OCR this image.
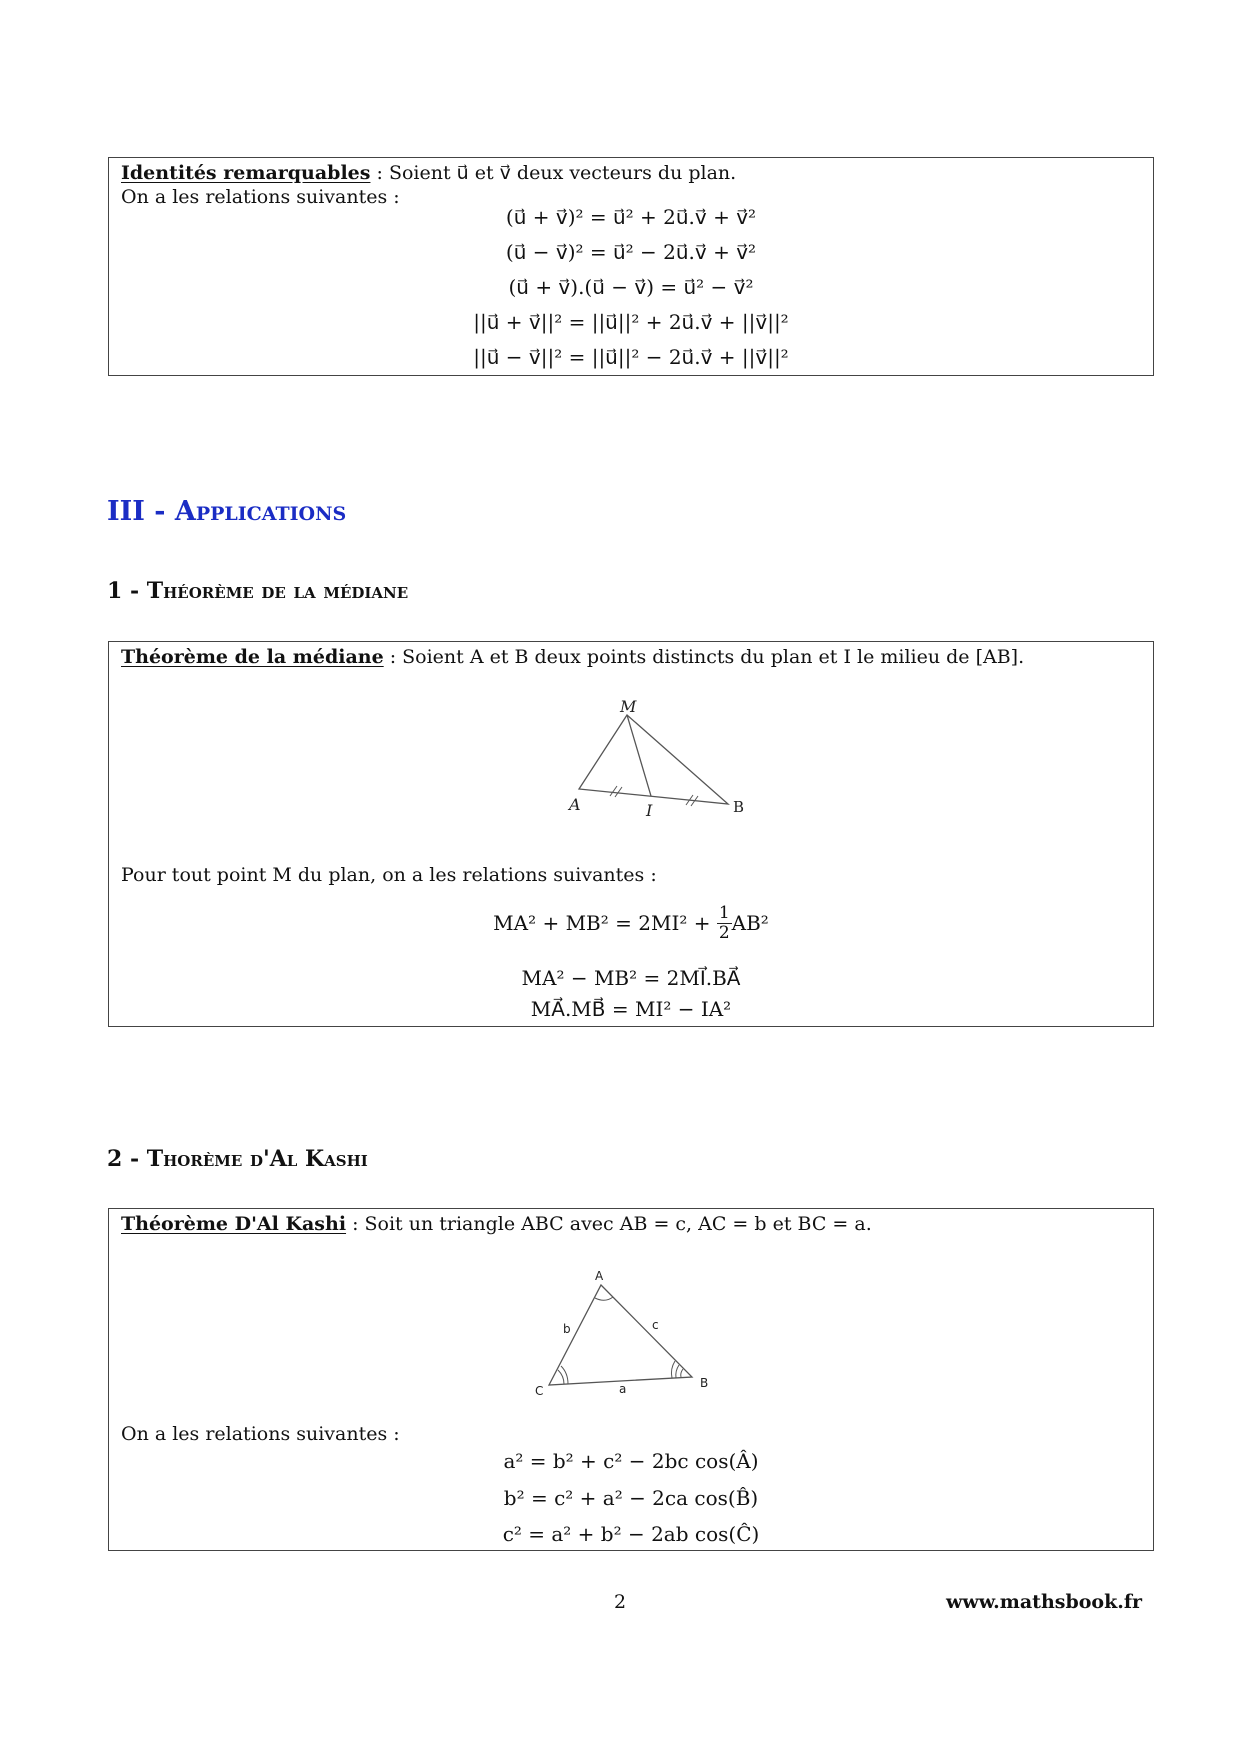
Identités remarquables : Soient u⃗ et v⃗ deux vecteurs du plan.
On a les relations suivantes :
(u⃗ + v⃗)² = u⃗² + 2u⃗.v⃗ + v⃗²
(u⃗ − v⃗)² = u⃗² − 2u⃗.v⃗ + v⃗²
(u⃗ + v⃗).(u⃗ − v⃗) = u⃗² − v⃗²
||u⃗ + v⃗||² = ||u⃗||² + 2u⃗.v⃗ + ||v⃗||²
||u⃗ − v⃗||² = ||u⃗||² − 2u⃗.v⃗ + ||v⃗||²
III - Applications
1 - Théorème de la médiane
Théorème de la médiane : Soient A et B deux points distincts du plan et I le milieu de [AB].
M
A	I	B
Pour tout point M du plan, on a les relations suivantes :
$MA^2 + MB^2 = 2MI^2 + \frac{1}{2} AB^2$
MA² − MB² = 2MI⃗.BA⃗
MA⃗.MB⃗ = MI² − IA²
2 - Thorème d'Al Kashi
Théorème D'Al Kashi : Soit un triangle ABC avec AB = c, AC = b et BC = a.
A
B
C
b	c
a
On a les relations suivantes :
a² = b² + c² − 2bc cos(Â)
b² = c² + a² − 2ca cos(B̂)
c² = a² + b² − 2ab cos(Ĉ)
2	www.mathsbook.fr
